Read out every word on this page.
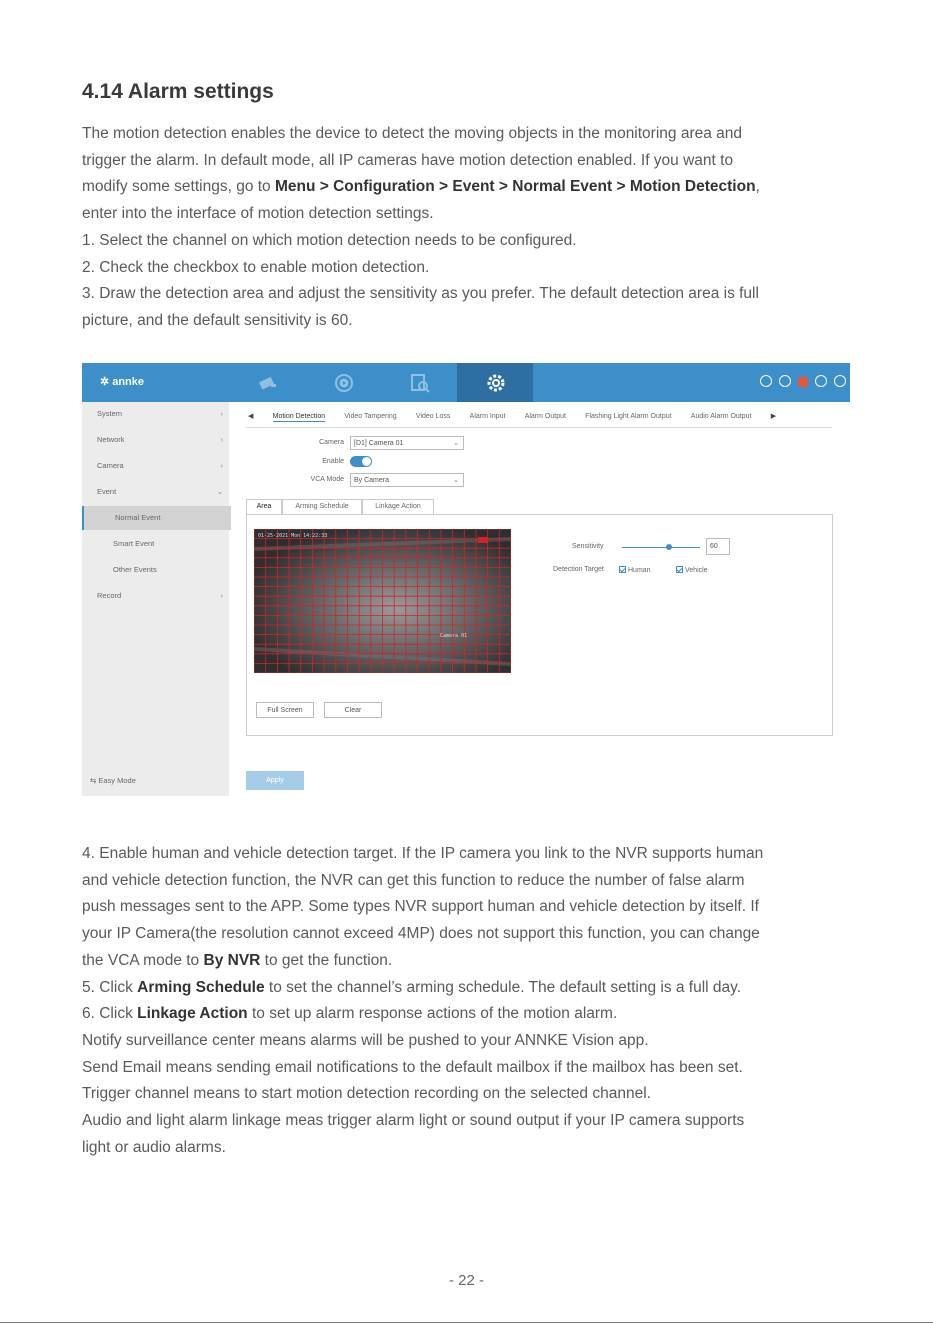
4.14 Alarm settings

The motion detection enables the device to detect the moving objects in the monitoring area and

trigger the alarm. In default mode, all IP cameras have motion detection enabled. If you want to

modify some settings, go to Menu > Configuration > Event > Normal Event > Motion Detection,

enter into the interface of motion detection settings.

1. Select the channel on which motion detection needs to be configured.

2. Check the checkbox to enable motion detection.

3. Draw the detection area and adjust the sensitivity as you prefer. The default detection area is full

picture, and the default sensitivity is 60.

✲ annke
System	›
Network	›
Camera	›
Event	⌄
Normal Event
Smart Event
Other Events
Record	›
⇆ Easy Mode
◀	Motion Detection	Video Tampering	Video Loss	Alarm Input	Alarm Output	Flashing Light Alarm Output	Audio Alarm Output	▶
Camera	[D1] Camera 01	⌄
Enable
VCA Mode	By Camera	⌄
Area	Arming Schedule	Linkage Action
01-25-2021 Mon 14:22:33
Camera 01
Sensitivity	60
Detection Target	Human	Vehicle
Full Screen	Clear
Apply

4. Enable human and vehicle detection target. If the IP camera you link to the NVR supports human

and vehicle detection function, the NVR can get this function to reduce the number of false alarm

push messages sent to the APP. Some types NVR support human and vehicle detection by itself. If

your IP Camera(the resolution cannot exceed 4MP) does not support this function, you can change

the VCA mode to By NVR to get the function.

5. Click Arming Schedule to set the channel’s arming schedule. The default setting is a full day.

6. Click Linkage Action to set up alarm response actions of the motion alarm.

Notify surveillance center means alarms will be pushed to your ANNKE Vision app.

Send Email means sending email notifications to the default mailbox if the mailbox has been set.

Trigger channel means to start motion detection recording on the selected channel.

Audio and light alarm linkage meas trigger alarm light or sound output if your IP camera supports

light or audio alarms.

- 22 -
